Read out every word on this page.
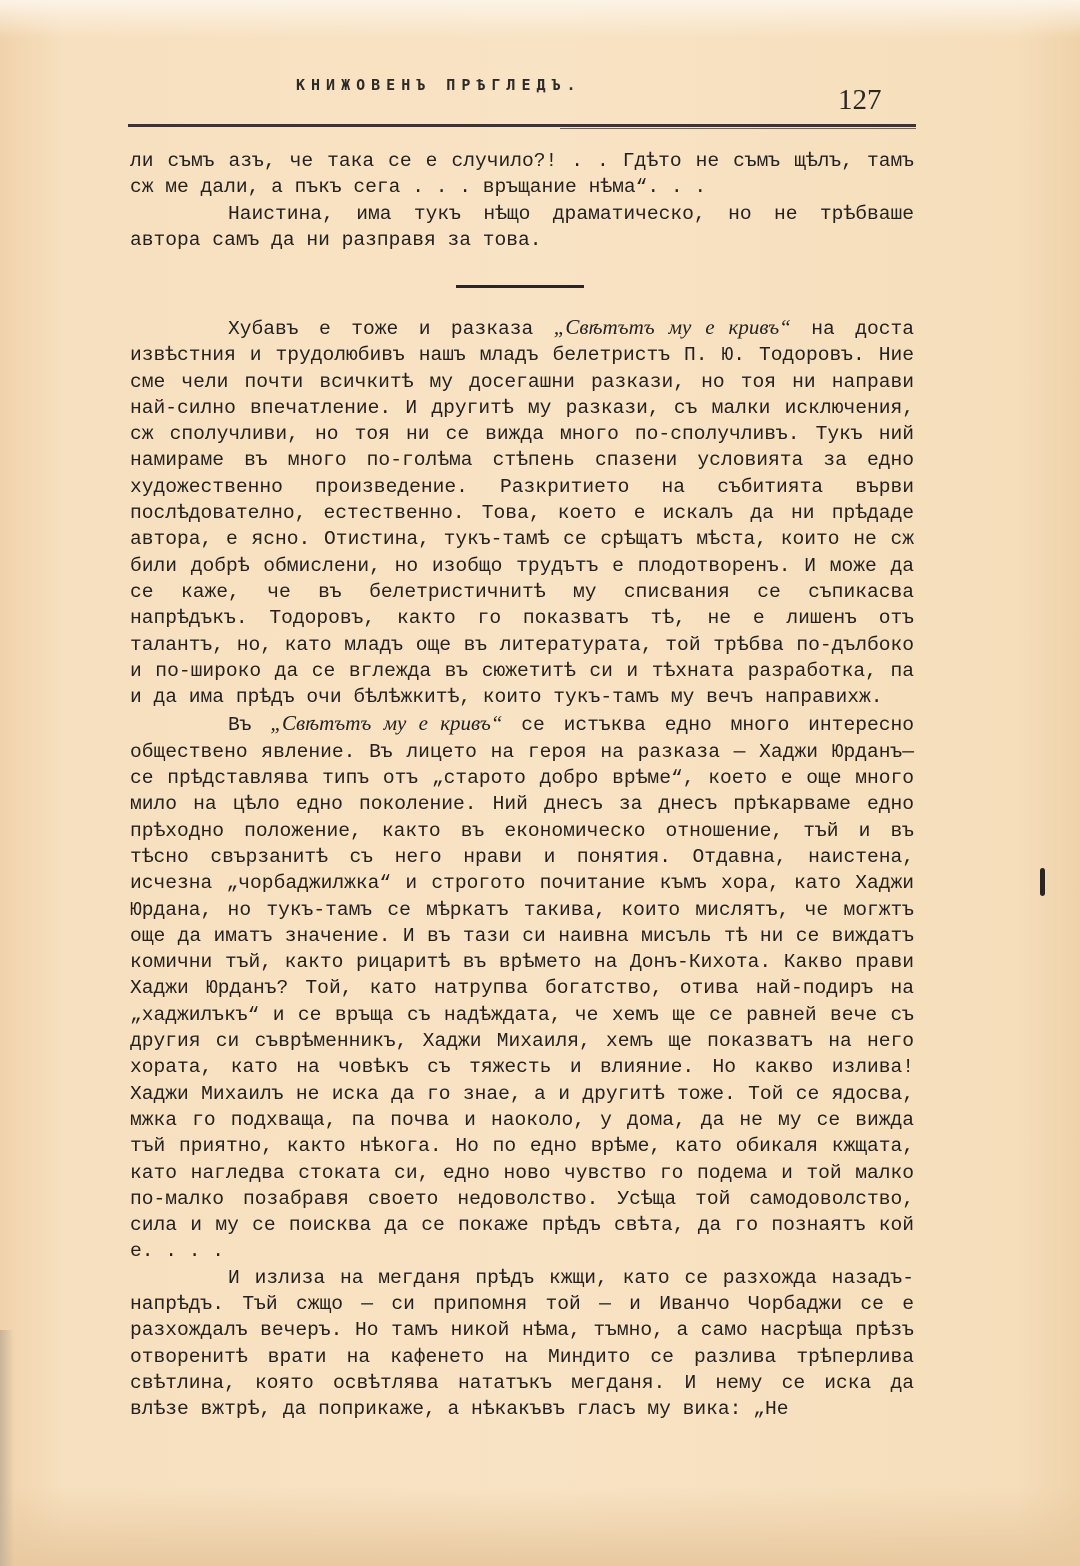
КНИЖОВЕНЪ ПРѢГЛЕДЪ.	127

ли съмъ азъ, че така се е случило?! . . Гдѣто не съмъ щѣлъ, тамъ сж ме дали, а пъкъ сега . . . връщание нѣма“. . .

Наистина, има тукъ нѣщо драматическо, но не трѣбваше автора самъ да ни разправя за това.

Хубавъ е тоже и разказа „Свѣтътъ му е кривъ“ на доста извѣстния и трудолюбивъ нашъ младъ белетристъ П. Ю. Тодоровъ. Ние сме чели почти всичкитѣ му досегашни разкази, но тоя ни направи най-силно впечатление. И другитѣ му разкази, съ малки исключения, сж сполучливи, но тоя ни се вижда много по-сполучливъ. Тукъ ний намираме въ много по-голѣма стѣпень спазени условията за едно художественно произведение. Разкритието на събитията върви послѣдователно, естественно. Това, което е искалъ да ни прѣдаде автора, е ясно. Отистина, тукъ-тамѣ се срѣщатъ мѣста, които не сж били добрѣ обмислени, но изобщо трудътъ е плодотворенъ. И може да се каже, че въ белетристичнитѣ му списвания се съпикасва напрѣдъкъ. Тодоровъ, както го показватъ тѣ, не е лишенъ отъ талантъ, но, като младъ още въ литературата, той трѣбва по-дълбоко и по-широко да се вглежда въ сюжетитѣ си и тѣхната разработка, па и да има прѣдъ очи бѣлѣжкитѣ, които тукъ-тамъ му вечъ направихж.

Въ „Свѣтътъ му е кривъ“ се истъква едно много интересно обществено явление. Въ лицето на героя на разказа — Хаджи Юрданъ—се прѣдставлява типъ отъ „старото добро врѣме“, което е още много мило на цѣло едно поколение. Ний днесъ за днесъ прѣкарваме едно прѣходно положение, както въ економическо отношение, тъй и въ тѣсно свързанитѣ съ него нрави и понятия. Отдавна, наистена, исчезна „чорбаджилжка“ и строгото почитание къмъ хора, като Хаджи Юрдана, но тукъ-тамъ се мѣркатъ такива, които мислятъ, че могжтъ още да иматъ значение. И въ тази си наивна мисъль тѣ ни се виждатъ комични тъй, както рицаритѣ въ врѣмето на Донъ-Кихота. Какво прави Хаджи Юрданъ? Той, като натрупва богатство, отива най-подиръ на „хаджилъкъ“ и се връща съ надѣждата, че хемъ ще се равней вече съ другия си съврѣменникъ, Хаджи Михаиля, хемъ ще показватъ на него хората, като на човѣкъ съ тяжесть и влияние. Но какво излива! Хаджи Михаилъ не иска да го знае, а и другитѣ тоже. Той се ядосва, мжка го подхваща, па почва и наоколо, у дома, да не му се вижда тъй приятно, както нѣкога. Но по едно врѣме, като обикаля кжщата, като нагледва стоката си, едно ново чувство го подема и той малко по-малко позабравя своето недоволство. Усѣща той самодоволство, сила и му се поисква да се покаже прѣдъ свѣта, да го познаятъ кой е. . . .

И излиза на мегданя прѣдъ кжщи, като се разхожда назадъ-напрѣдъ. Тъй сжщо — си припомня той — и Иванчо Чорбаджи се е разхождалъ вечеръ. Но тамъ никой нѣма, тъмно, а само насрѣща прѣзъ отворенитѣ врати на кафенето на Миндито се разлива трѣперлива свѣтлина, която освѣтлява нататъкъ мегданя. И нему се иска да влѣзе вжтрѣ, да поприкаже, а нѣкакъвъ гласъ му вика: „Не
